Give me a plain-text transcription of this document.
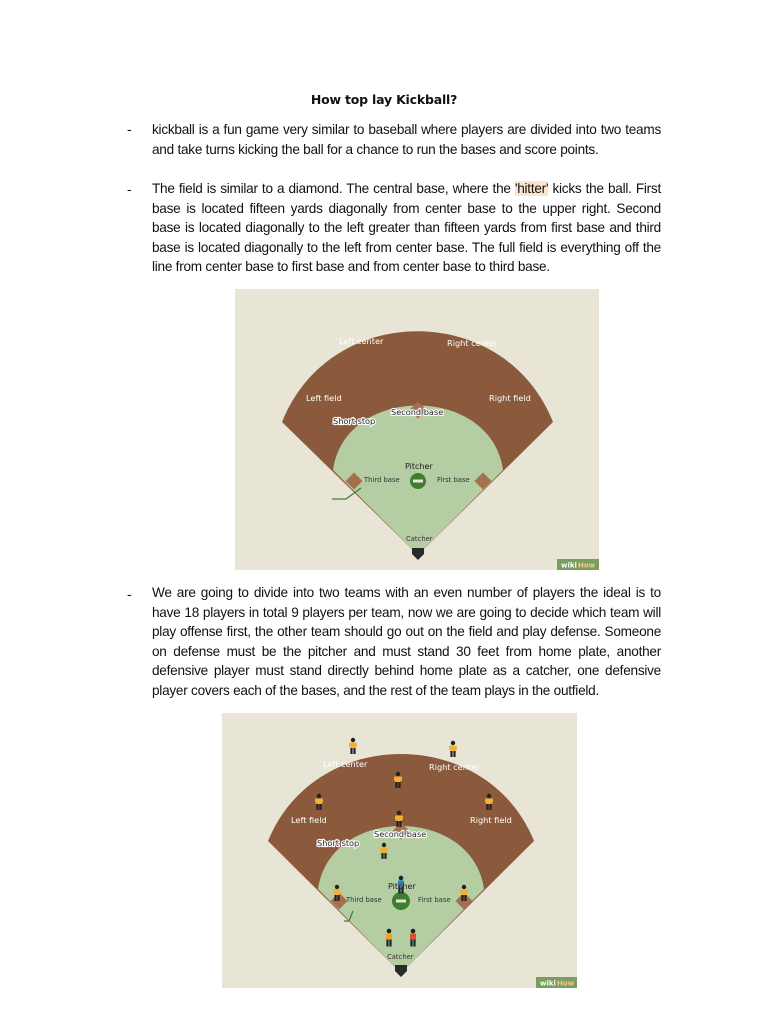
How top lay Kickball?
- kickball is a fun game very similar to baseball where players are divided into two teams and take turns kicking the ball for a chance to run the bases and score points.
- The field is similar to a diamond. The central base, where the 'hitter' kicks the ball. First base is located fifteen yards diagonally from center base to the upper right. Second base is located diagonally to the left greater than fifteen yards from first base and third base is located diagonally to the left from center base. The full field is everything off the line from center base to first base and from center base to third base.
Left center	Right center
Left field	Right field
Second base
Short stop
Pitcher
Third base	First base
Catcher
wiki How
- We are going to divide into two teams with an even number of players the ideal is to have 18 players in total 9 players per team, now we are going to decide which team will play offense first, the other team should go out on the field and play defense. Someone on defense must be the pitcher and must stand 30 feet from home plate, another defensive player must stand directly behind home plate as a catcher, one defensive player covers each of the bases, and the rest of the team plays in the outfield.
Left center	Right center
Left field	Right field
Second base
Short stop
Pitcher
Third base	First base
Catcher
wiki How
